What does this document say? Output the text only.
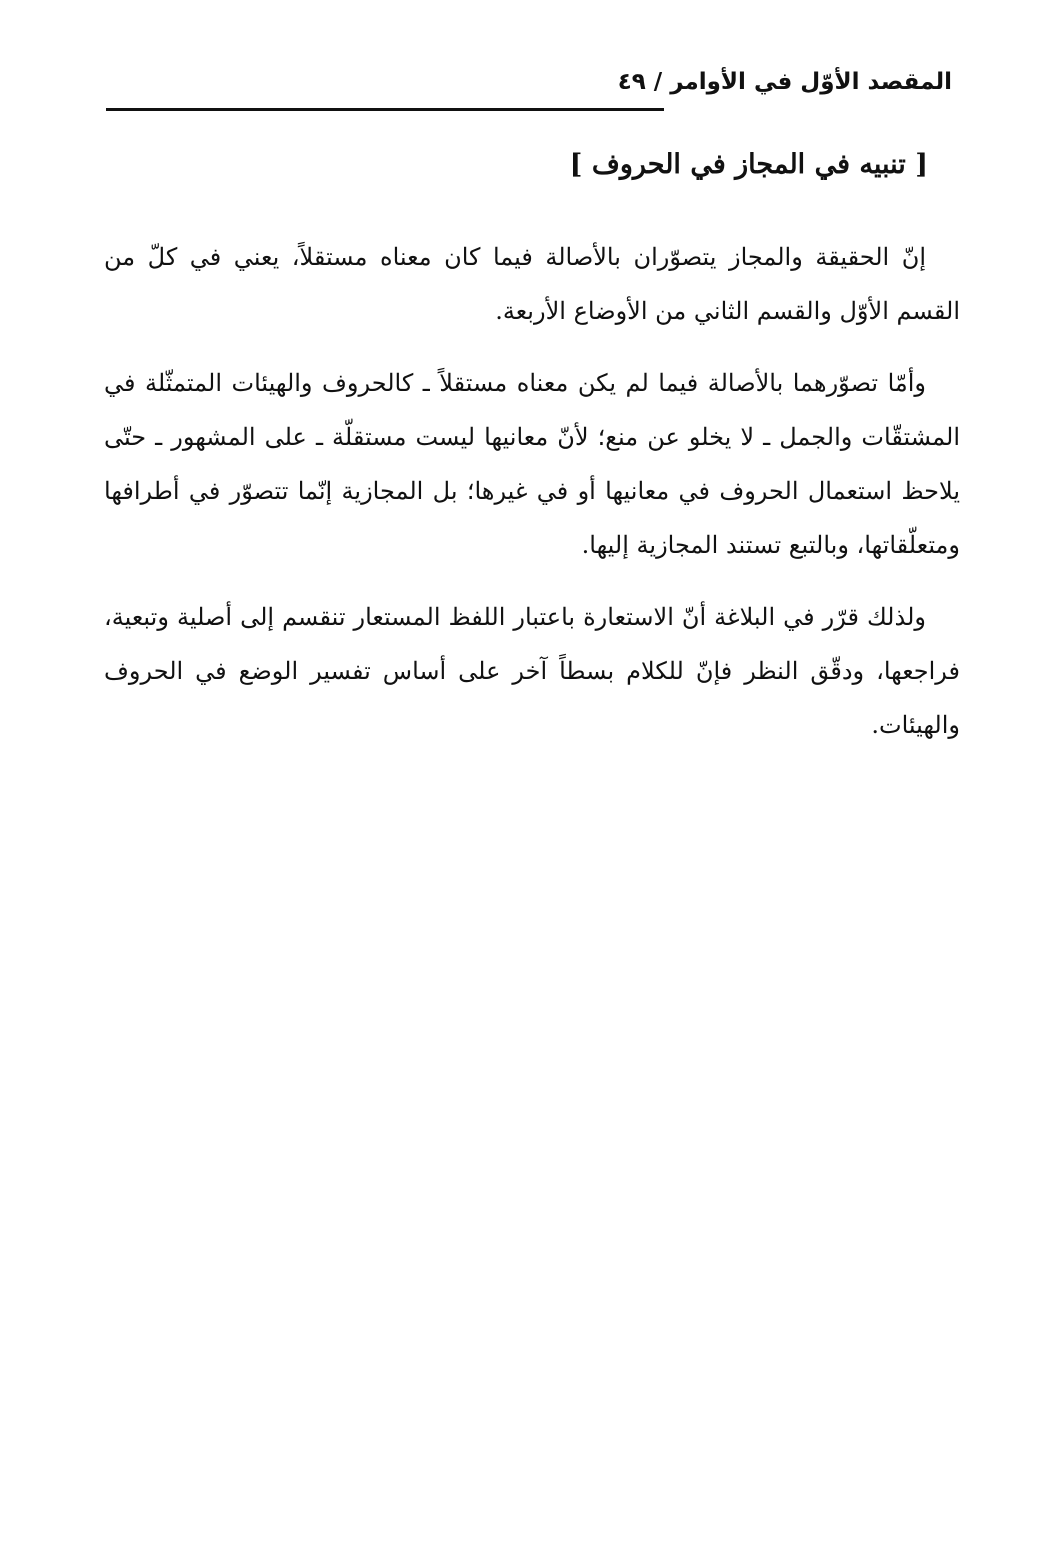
المقصد الأوّل في الأوامر / ٤٩
[ تنبيه في المجاز في الحروف ]

إنّ الحقيقة والمجاز يتصوّران بالأصالة فيما كان معناه مستقلاً، يعني في كلّ من القسم الأوّل والقسم الثاني من الأوضاع الأربعة.

وأمّا تصوّرهما بالأصالة فيما لم يكن معناه مستقلاً ـ كالحروف والهيئات المتمثّلة في المشتقّات والجمل ـ لا يخلو عن منع؛ لأنّ معانيها ليست مستقلّة ـ على المشهور ـ حتّى يلاحظ استعمال الحروف في معانيها أو في غيرها؛ بل المجازية إنّما تتصوّر في أطرافها ومتعلّقاتها، وبالتبع تستند المجازية إليها.

ولذلك قرّر في البلاغة أنّ الاستعارة باعتبار اللفظ المستعار تنقسم إلى أصلية وتبعية، فراجعها، ودقّق النظر فإنّ للكلام بسطاً آخر على أساس تفسير الوضع في الحروف والهيئات.
